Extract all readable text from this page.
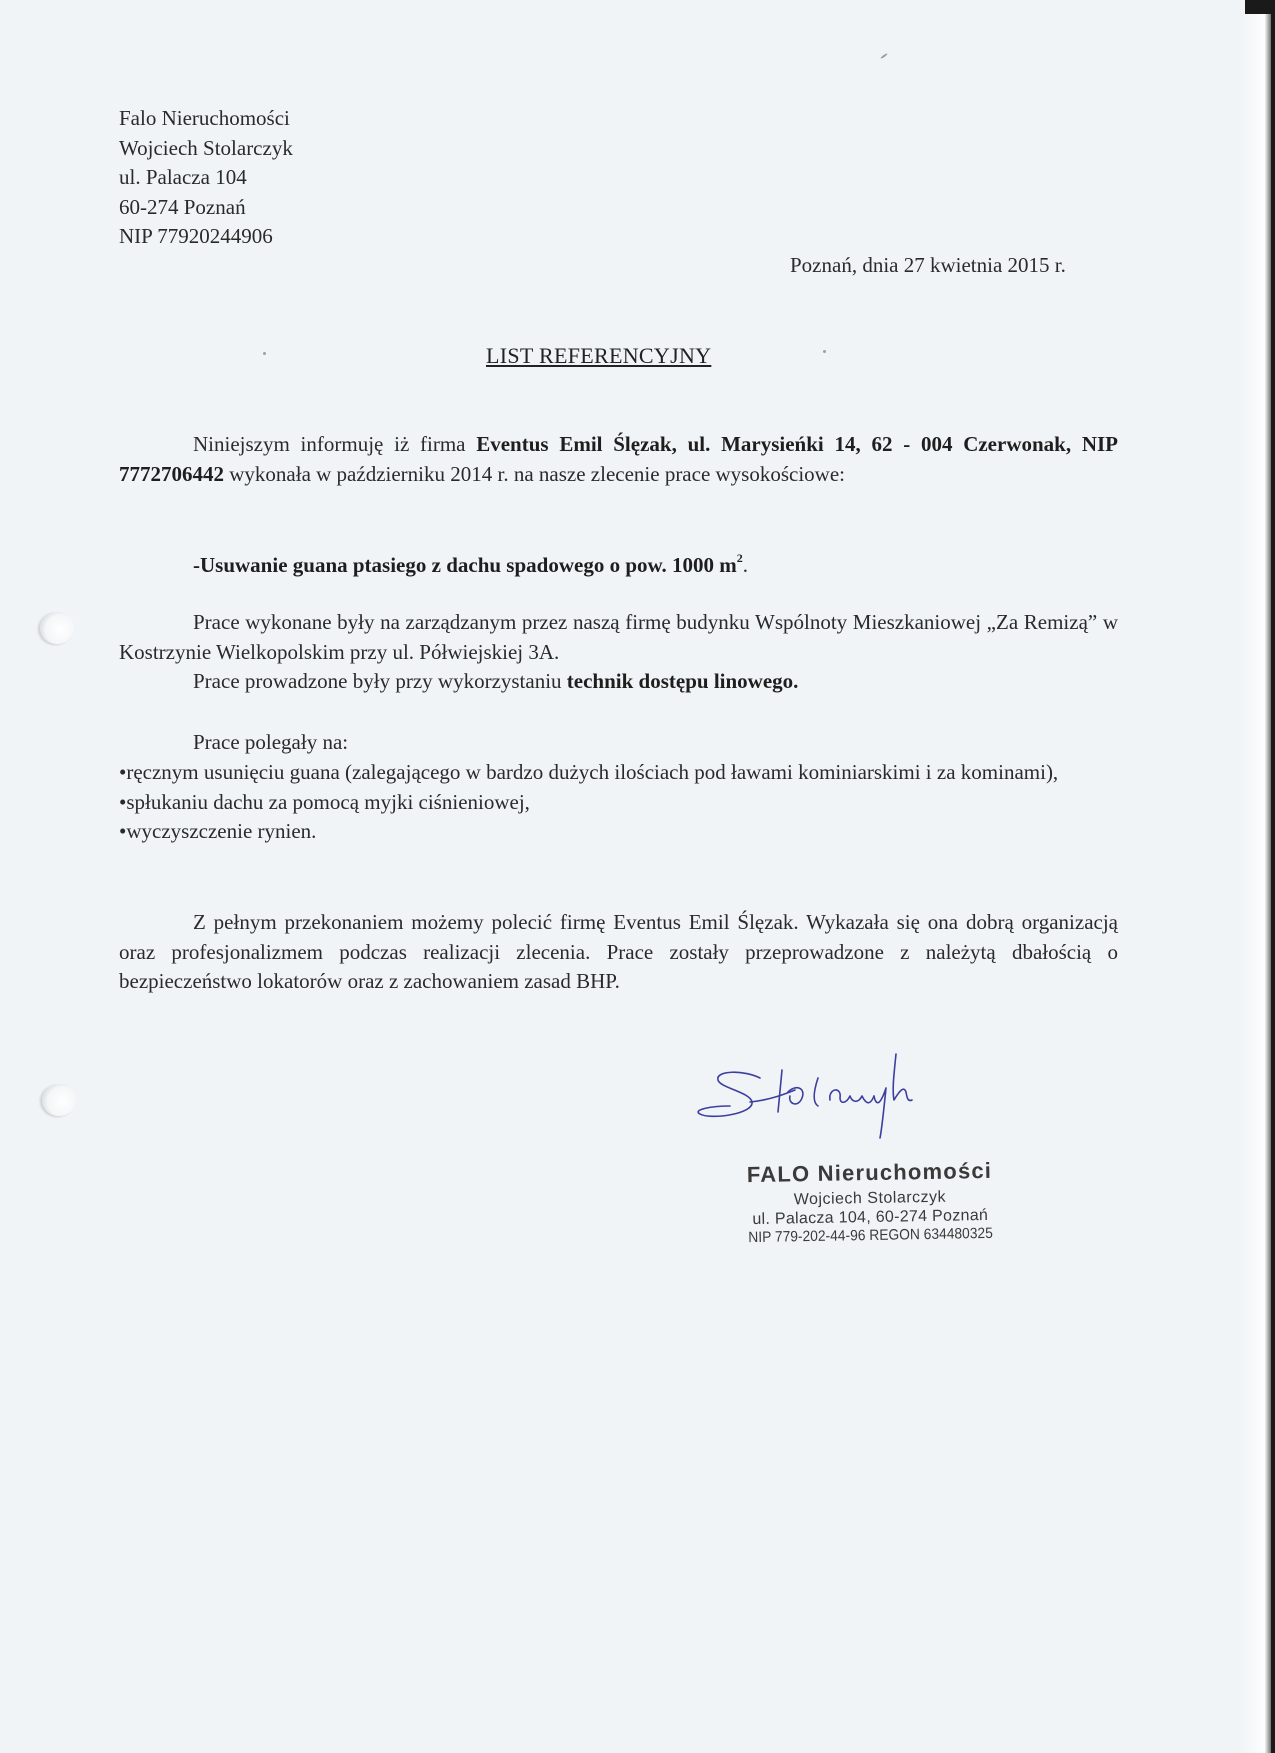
Falo Nieruchomości
Wojciech Stolarczyk
ul. Palacza 104
60-274 Poznań
NIP 77920244906
Poznań, dnia 27 kwietnia 2015 r.
LIST REFERENCYJNY
Niniejszym informuję iż firma Eventus Emil Ślęzak, ul. Marysieńki 14, 62 - 004 Czerwonak, NIP 7772706442 wykonała w październiku 2014 r. na nasze zlecenie prace wysokościowe:
-Usuwanie guana ptasiego z dachu spadowego o pow. 1000 $m^2$.
Prace wykonane były na zarządzanym przez naszą firmę budynku Wspólnoty Mieszkaniowej „Za Remizą” w Kostrzynie Wielkopolskim przy ul. Półwiejskiej 3A.
Prace prowadzone były przy wykorzystaniu technik dostępu linowego.
Prace polegały na:
•ręcznym usunięciu guana (zalegającego w bardzo dużych ilościach pod ławami kominiarskimi i za kominami),
•spłukaniu dachu za pomocą myjki ciśnieniowej,
•wyczyszczenie rynien.
Z pełnym przekonaniem możemy polecić firmę Eventus Emil Ślęzak. Wykazała się ona dobrą organizacją oraz profesjonalizmem podczas realizacji zlecenia. Prace zostały przeprowadzone z należytą dbałością o bezpieczeństwo lokatorów oraz z zachowaniem zasad BHP.
FALO Nieruchomości
Wojciech Stolarczyk
ul. Palacza 104, 60-274 Poznań
NIP 779-202-44-96 REGON 634480325
